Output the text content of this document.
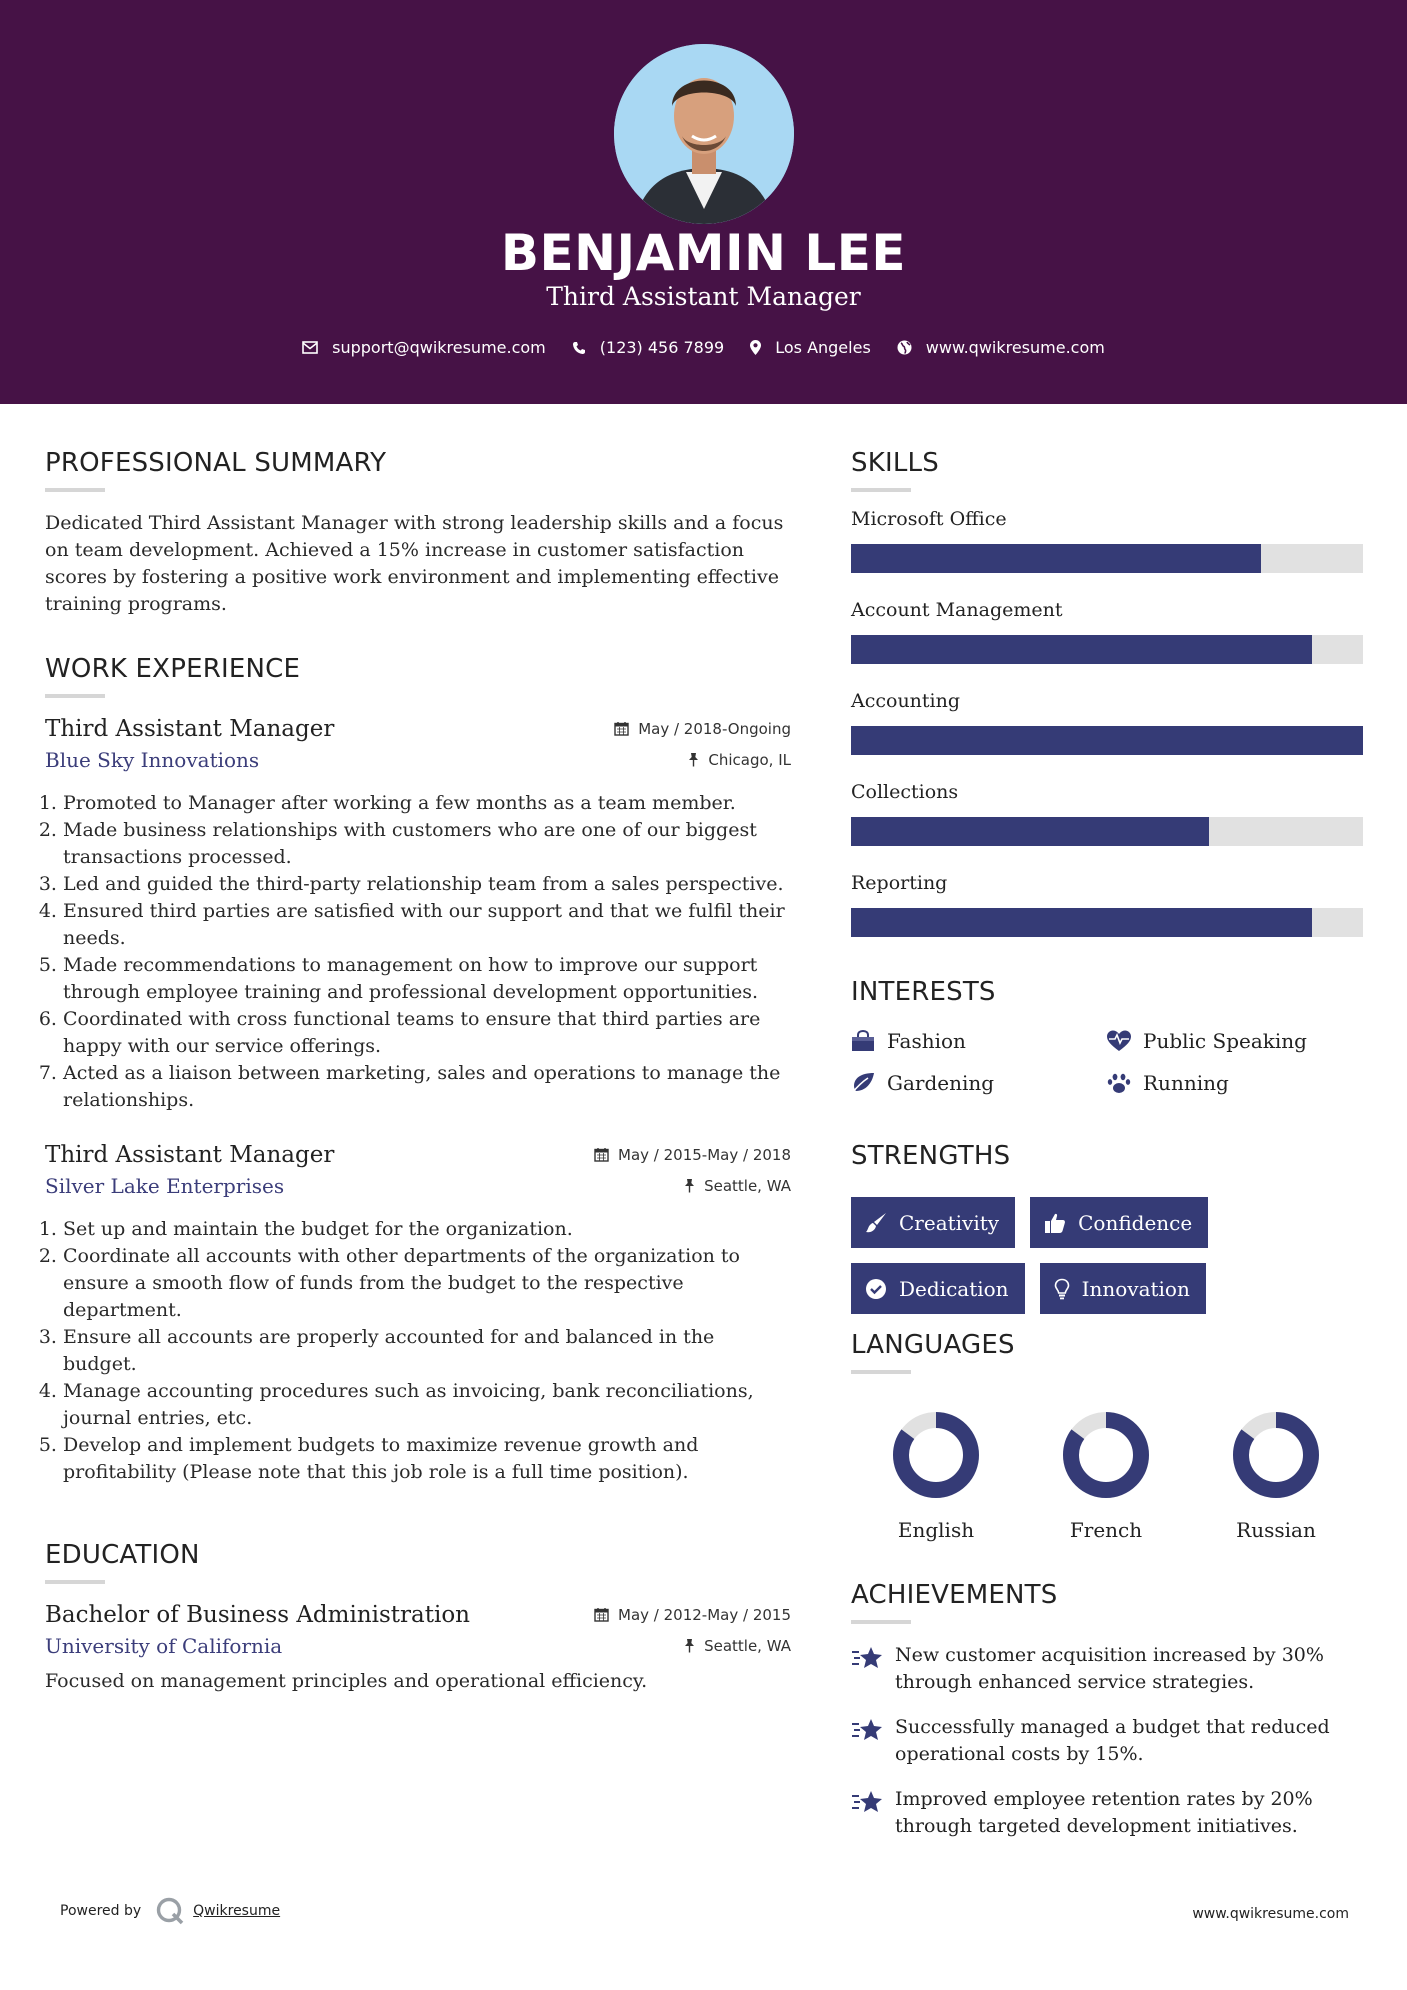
BENJAMIN LEE
Third Assistant Manager
support@qwikresume.com	(123) 456 7899	Los Angeles	www.qwikresume.com
PROFESSIONAL SUMMARY

Dedicated Third Assistant Manager with strong leadership skills and a focus on team development. Achieved a 15% increase in customer satisfaction scores by fostering a positive work environment and implementing effective training programs.

WORK EXPERIENCE
Third Assistant Manager	May / 2018-Ongoing
Blue Sky Innovations	Chicago, IL
1. Promoted to Manager after working a few months as a team member.
2. Made business relationships with customers who are one of our biggest transactions processed.
3. Led and guided the third-party relationship team from a sales perspective.
4. Ensured third parties are satisfied with our support and that we fulfil their needs.
5. Made recommendations to management on how to improve our support through employee training and professional development opportunities.
6. Coordinated with cross functional teams to ensure that third parties are happy with our service offerings.
7. Acted as a liaison between marketing, sales and operations to manage the relationships.
Third Assistant Manager	May / 2015-May / 2018
Silver Lake Enterprises	Seattle, WA
1. Set up and maintain the budget for the organization.
2. Coordinate all accounts with other departments of the organization to ensure a smooth flow of funds from the budget to the respective department.
3. Ensure all accounts are properly accounted for and balanced in the budget.
4. Manage accounting procedures such as invoicing, bank reconciliations, journal entries, etc.
5. Develop and implement budgets to maximize revenue growth and profitability (Please note that this job role is a full time position).
EDUCATION
Bachelor of Business Administration	May / 2012-May / 2015
University of California	Seattle, WA

Focused on management principles and operational efficiency.

SKILLS
Microsoft Office
Account Management
Accounting
Collections
Reporting
INTERESTS
Fashion	Public Speaking
Gardening	Running
STRENGTHS
Creativity	Confidence
Dedication	Innovation
LANGUAGES
English	French	Russian
ACHIEVEMENTS
New customer acquisition increased by 30% through enhanced service strategies.
Successfully managed a budget that reduced operational costs by 15%.
Improved employee retention rates by 20% through targeted development initiatives.
Powered by	Qwikresume	www.qwikresume.com
